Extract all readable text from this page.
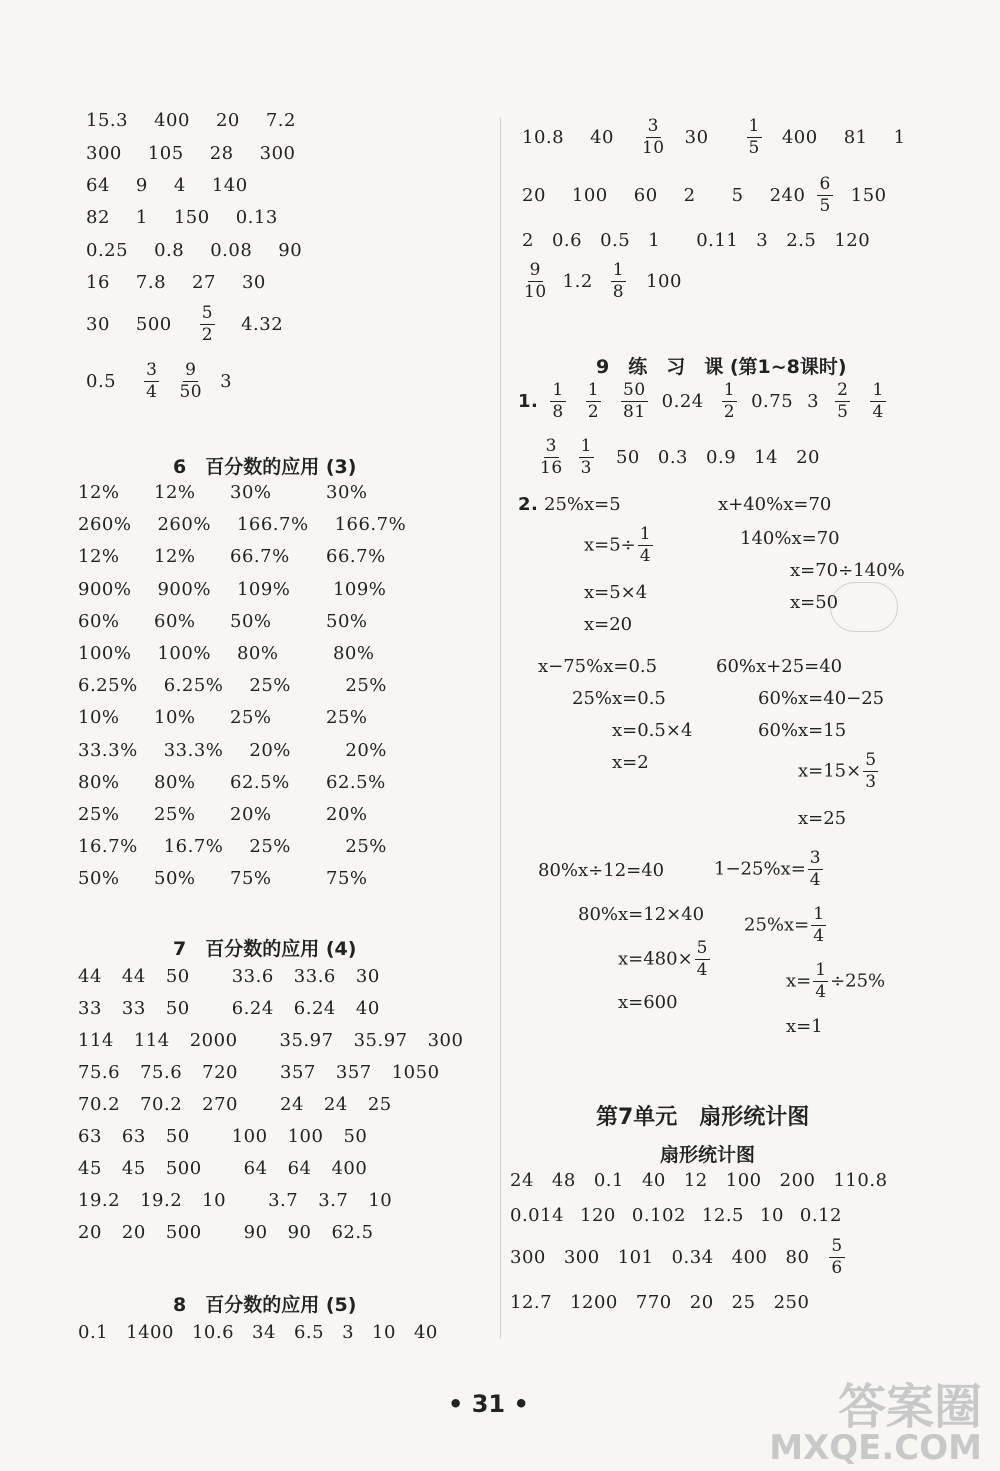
15.3 400 20 7.2
300 105 28 300
64 9 4 140
82 1 150 0.13
0.25 0.8 0.08 90
16 7.8 27 30
30 $500 \frac{5}{2} 4.32$
$0.5 \frac{3}{4} \frac{9}{50} 3$
6　百分数的应用 (3)
12% 12% 30%	30%
260% 260% 166.7% 166.7%
12% 12% 66.7% 66.7%
900% 900% 109% 109%
60% 60% 50%	50%
100% 100% 80%	80%
6.25% 6.25% 25%	25%
10% 10% 25%	25%
33.3% 33.3% 20%	20%
80% 80% 62.5% 62.5%
25% 25% 20%	20%
16.7% 16.7% 25%	25%
50% 50% 75%	75%
7　百分数的应用 (4)
44 44 50 33.6 33.6 30
33 33 50 6.24 6.24 40
114 114 2000 35.97 35.97 300
75.6 75.6 720 357 357 1050
70.2 70.2 270 24 24 25
63 63 50 100 100 50
45 45 500 64 64 400
19.2 19.2 10 3.7 3.7 10
20 20 500 90 90 62.5
8　百分数的应用 (5)
0.1 1400 10.6 34 6.5 3 10 40
10.8 $40 \frac{3}{10} 30 \frac{1}{5} 400$ 81 1
20 100 60 2 5 $240 \frac{6}{5} 150$
2 0.6 0.5 1 0.11 3 2.5 120
$\frac{9}{10} 1.2 \frac{1}{8} 100$
9　练　习　课 (第1~8课时)
1. $\frac{1}{8} \frac{1}{2} \frac{50}{81} 0.24 \frac{1}{2} 0.75$ $3 \frac{2}{5} \frac{1}{4}$
$\frac{3}{16} \frac{1}{3} 50$ 0.3 0.9 14 20
2. 25%x=5
$x=5\div \frac{1}{4}$
x=5×4
x=20
x+40%x=70
140%x=70
x=70÷140%
x=50
x−75%x=0.5
25%x=0.5
x=0.5×4
x=2
60%x+25=40
60%x=40−25
60%x=15
$x=15\times \frac{5}{3}$
x=25
80%x÷12=40
80%x=12×40
$x=480\times \frac{5}{4}$
x=600
$1-25\%x= \frac{3}{4}$
$25\%x= \frac{1}{4}$
$x= \frac{1}{4} \div 25\%$
x=1
第7单元　扇形统计图
扇形统计图
24 48 0.1 40 12 100 200 110.8
0.014 120 0.102 12.5 10 0.12
300 300 101 0.34 400 $80 \frac{5}{6}$
12.7 1200 770 20 25 250
• 31 •	答案圈
MXQE.COM
